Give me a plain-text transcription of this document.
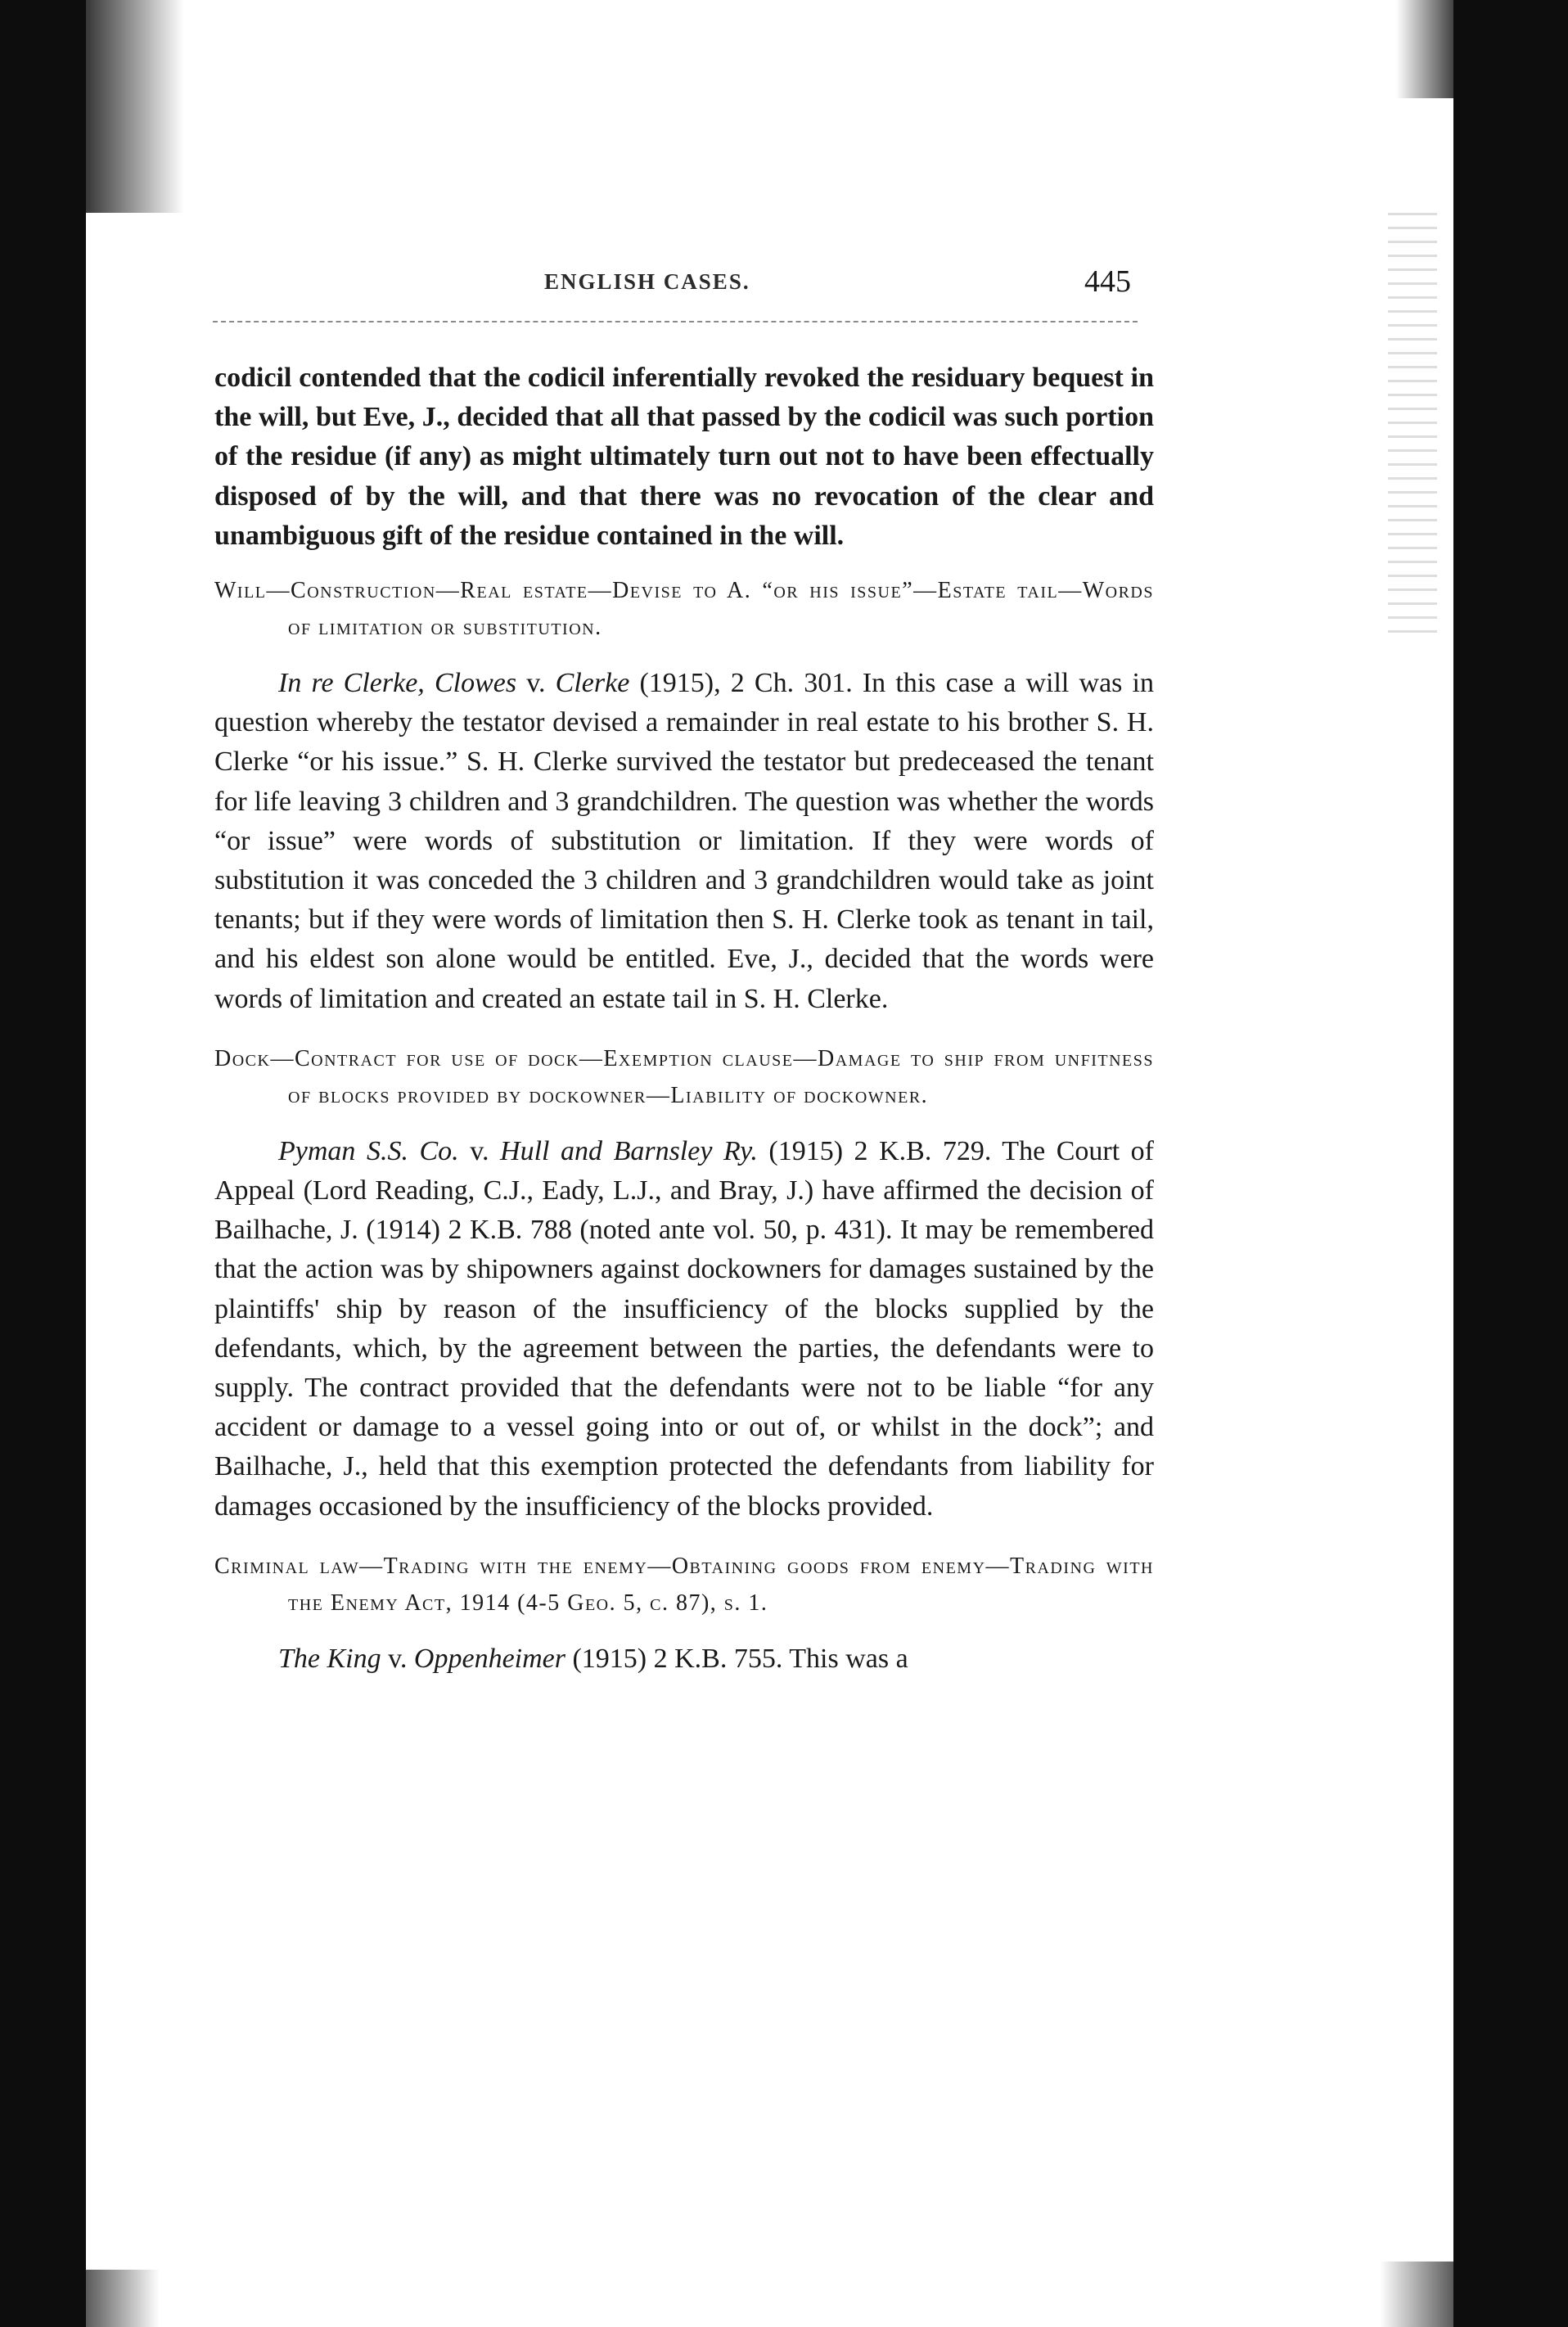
ENGLISH CASES.	445

codicil contended that the codicil inferentially revoked the residuary bequest in the will, but Eve, J., decided that all that passed by the codicil was such portion of the residue (if any) as might ultimately turn out not to have been effectually disposed of by the will, and that there was no revocation of the clear and unambiguous gift of the residue contained in the will.

Will—Construction—Real estate—Devise to A. “or his issue”—Estate tail—Words of limitation or substitution.

In re Clerke, Clowes v. Clerke (1915), 2 Ch. 301. In this case a will was in question whereby the testator devised a remainder in real estate to his brother S. H. Clerke “or his issue.” S. H. Clerke survived the testator but predeceased the tenant for life leaving 3 children and 3 grandchildren. The question was whether the words “or issue” were words of substitution or limitation. If they were words of substitution it was conceded the 3 children and 3 grandchildren would take as joint tenants; but if they were words of limitation then S. H. Clerke took as tenant in tail, and his eldest son alone would be entitled. Eve, J., decided that the words were words of limitation and created an estate tail in S. H. Clerke.

Dock—Contract for use of dock—Exemption clause—Damage to ship from unfitness of blocks provided by dockowner—Liability of dockowner.

Pyman S.S. Co. v. Hull and Barnsley Ry. (1915) 2 K.B. 729. The Court of Appeal (Lord Reading, C.J., Eady, L.J., and Bray, J.) have affirmed the decision of Bailhache, J. (1914) 2 K.B. 788 (noted ante vol. 50, p. 431). It may be remembered that the action was by shipowners against dockowners for damages sustained by the plaintiffs' ship by reason of the insufficiency of the blocks supplied by the defendants, which, by the agreement between the parties, the defendants were to supply. The contract provided that the defendants were not to be liable “for any accident or damage to a vessel going into or out of, or whilst in the dock”; and Bailhache, J., held that this exemption protected the defendants from liability for damages occasioned by the insufficiency of the blocks provided.

Criminal law—Trading with the enemy—Obtaining goods from enemy—Trading with the Enemy Act, 1914 (4-5 Geo. 5, c. 87), s. 1.

The King v. Oppenheimer (1915) 2 K.B. 755. This was a
